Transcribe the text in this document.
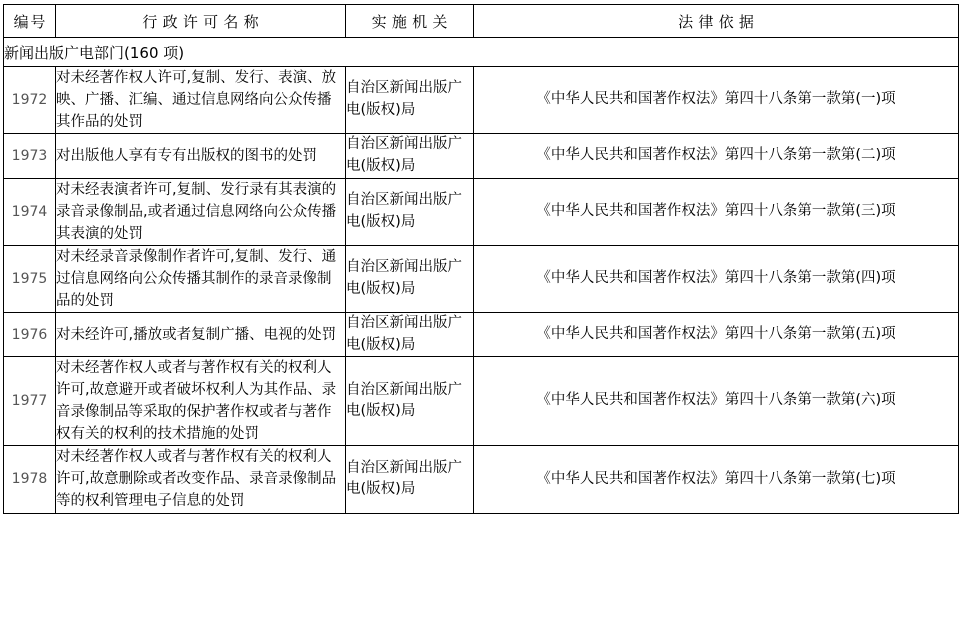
编号	行政许可名称	实施机关	法律依据
新闻出版广电部门(160 项)			
1972	对未经著作权人许可,复制、发行、表演、放映、广播、汇编、通过信息网络向公众传播其作品的处罚	自治区新闻出版广电(版权)局	《中华人民共和国著作权法》第四十八条第一款第(一)项
1973	对出版他人享有专有出版权的图书的处罚	自治区新闻出版广电(版权)局	《中华人民共和国著作权法》第四十八条第一款第(二)项
1974	对未经表演者许可,复制、发行录有其表演的录音录像制品,或者通过信息网络向公众传播其表演的处罚	自治区新闻出版广电(版权)局	《中华人民共和国著作权法》第四十八条第一款第(三)项
1975	对未经录音录像制作者许可,复制、发行、通过信息网络向公众传播其制作的录音录像制品的处罚	自治区新闻出版广电(版权)局	《中华人民共和国著作权法》第四十八条第一款第(四)项
1976	对未经许可,播放或者复制广播、电视的处罚	自治区新闻出版广电(版权)局	《中华人民共和国著作权法》第四十八条第一款第(五)项
1977	对未经著作权人或者与著作权有关的权利人许可,故意避开或者破坏权利人为其作品、录音录像制品等采取的保护著作权或者与著作权有关的权利的技术措施的处罚	自治区新闻出版广电(版权)局	《中华人民共和国著作权法》第四十八条第一款第(六)项
1978	对未经著作权人或者与著作权有关的权利人许可,故意删除或者改变作品、录音录像制品等的权利管理电子信息的处罚	自治区新闻出版广电(版权)局	《中华人民共和国著作权法》第四十八条第一款第(七)项
